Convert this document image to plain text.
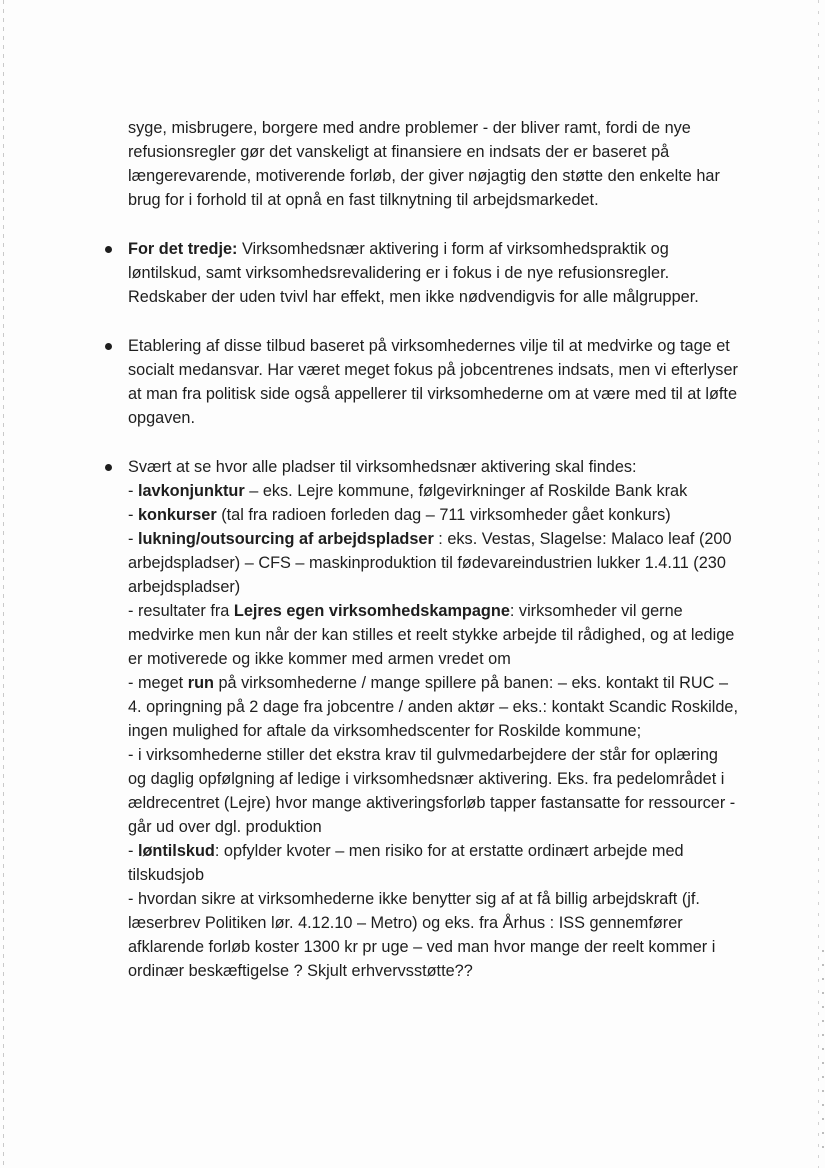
syge, misbrugere, borgere med andre problemer - der bliver ramt, fordi de nye refusionsregler gør det vanskeligt at finansiere en indsats der er baseret på længerevarende, motiverende forløb, der giver nøjagtig den støtte den enkelte har brug for i forhold til at opnå en fast tilknytning til arbejdsmarkedet.

For det tredje: Virksomhedsnær aktivering i form af virksomhedspraktik og løntilskud, samt virksomhedsrevalidering er i fokus i de nye refusionsregler. Redskaber der uden tvivl har effekt, men ikke nødvendigvis for alle målgrupper.
Etablering af disse tilbud baseret på virksomhedernes vilje til at medvirke og tage et socialt medansvar. Har været meget fokus på jobcentrenes indsats, men vi efterlyser at man fra politisk side også appellerer til virksomhederne om at være med til at løfte opgaven.
Svært at se hvor alle pladser til virksomhedsnær aktivering skal findes:
- lavkonjunktur – eks. Lejre kommune, følgevirkninger af Roskilde Bank krak
- konkurser (tal fra radioen forleden dag – 711 virksomheder gået konkurs)
- lukning/outsourcing af arbejdspladser : eks. Vestas, Slagelse: Malaco leaf (200 arbejdspladser) – CFS – maskinproduktion til fødevareindustrien lukker 1.4.11 (230 arbejdspladser)
- resultater fra Lejres egen virksomhedskampagne: virksomheder vil gerne medvirke men kun når der kan stilles et reelt stykke arbejde til rådighed, og at ledige er motiverede og ikke kommer med armen vredet om
- meget run på virksomhederne / mange spillere på banen: – eks. kontakt til RUC – 4. opringning på 2 dage fra jobcentre / anden aktør – eks.: kontakt Scandic Roskilde, ingen mulighed for aftale da virksomhedscenter for Roskilde kommune;
- i virksomhederne stiller det ekstra krav til gulvmedarbejdere der står for oplæring og daglig opfølgning af ledige i virksomhedsnær aktivering. Eks. fra pedelområdet i ældrecentret (Lejre) hvor mange aktiveringsforløb tapper fastansatte for ressourcer - går ud over dgl. produktion
- løntilskud: opfylder kvoter – men risiko for at erstatte ordinært arbejde med tilskudsjob
- hvordan sikre at virksomhederne ikke benytter sig af at få billig arbejdskraft (jf. læserbrev Politiken lør. 4.12.10 – Metro) og eks. fra Århus : ISS gennemfører afklarende forløb koster 1300 kr pr uge – ved man hvor mange der reelt kommer i ordinær beskæftigelse ? Skjult erhvervsstøtte??
